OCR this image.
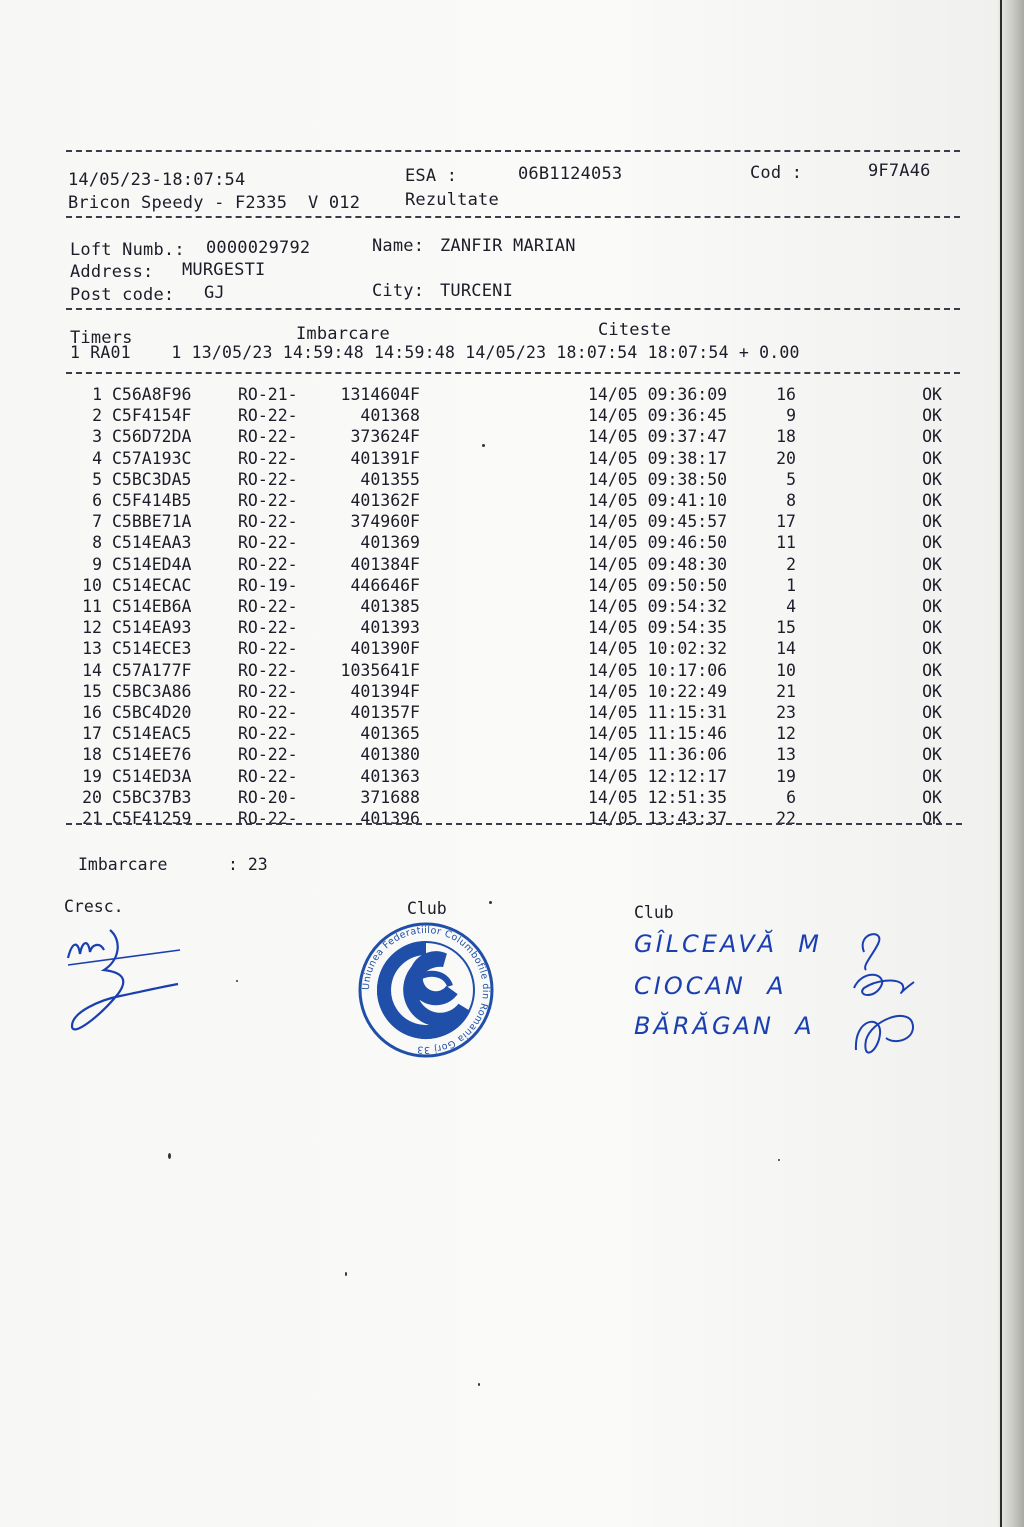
14/05/23-18:07:54	ESA :	06B1124053	Cod :	9F7A46
Bricon Speedy - F2335  V 012	Rezultate
Loft Numb.: 0000029792	Name: ZANFIR MARIAN
Address: MURGESTI
Post code: GJ	City: TURCENI
Timers	Imbarcare	Citeste
1 RA01    1 13/05/23 14:59:48 14:59:48 14/05/23 18:07:54 18:07:54 + 0.00
1 C56A8F96	RO-21-	1314604F	14/05 09:36:09	16	OK
2 C5F4154F	RO-22-	401368	14/05 09:36:45	9	OK
3 C56D72DA	RO-22-	373624F	14/05 09:37:47	18	OK
4 C57A193C	RO-22-	401391F	14/05 09:38:17	20	OK
5 C5BC3DA5	RO-22-	401355	14/05 09:38:50	5	OK
6 C5F414B5	RO-22-	401362F	14/05 09:41:10	8	OK
7 C5BBE71A	RO-22-	374960F	14/05 09:45:57	17	OK
8 C514EAA3	RO-22-	401369	14/05 09:46:50	11	OK
9 C514ED4A	RO-22-	401384F	14/05 09:48:30	2	OK
10 C514ECAC	RO-19-	446646F	14/05 09:50:50	1	OK
11 C514EB6A	RO-22-	401385	14/05 09:54:32	4	OK
12 C514EA93	RO-22-	401393	14/05 09:54:35	15	OK
13 C514ECE3	RO-22-	401390F	14/05 10:02:32	14	OK
14 C57A177F	RO-22-	1035641F	14/05 10:17:06	10	OK
15 C5BC3A86	RO-22-	401394F	14/05 10:22:49	21	OK
16 C5BC4D20	RO-22-	401357F	14/05 11:15:31	23	OK
17 C514EAC5	RO-22-	401365	14/05 11:15:46	12	OK
18 C514EE76	RO-22-	401380	14/05 11:36:06	13	OK
19 C514ED3A	RO-22-	401363	14/05 12:12:17	19	OK
20 C5BC37B3	RO-20-	371688	14/05 12:51:35	6	OK
21 C5F41259	RO-22-	401396	14/05 13:43:37	22	OK
Imbarcare	: 23
Cresc.	Club	Club
Uniunea Federatiilor Columbofile din Romania Gorj 33
GÎLCEAVĂ  M
CIOCAN  A
BĂRĂGAN  A
